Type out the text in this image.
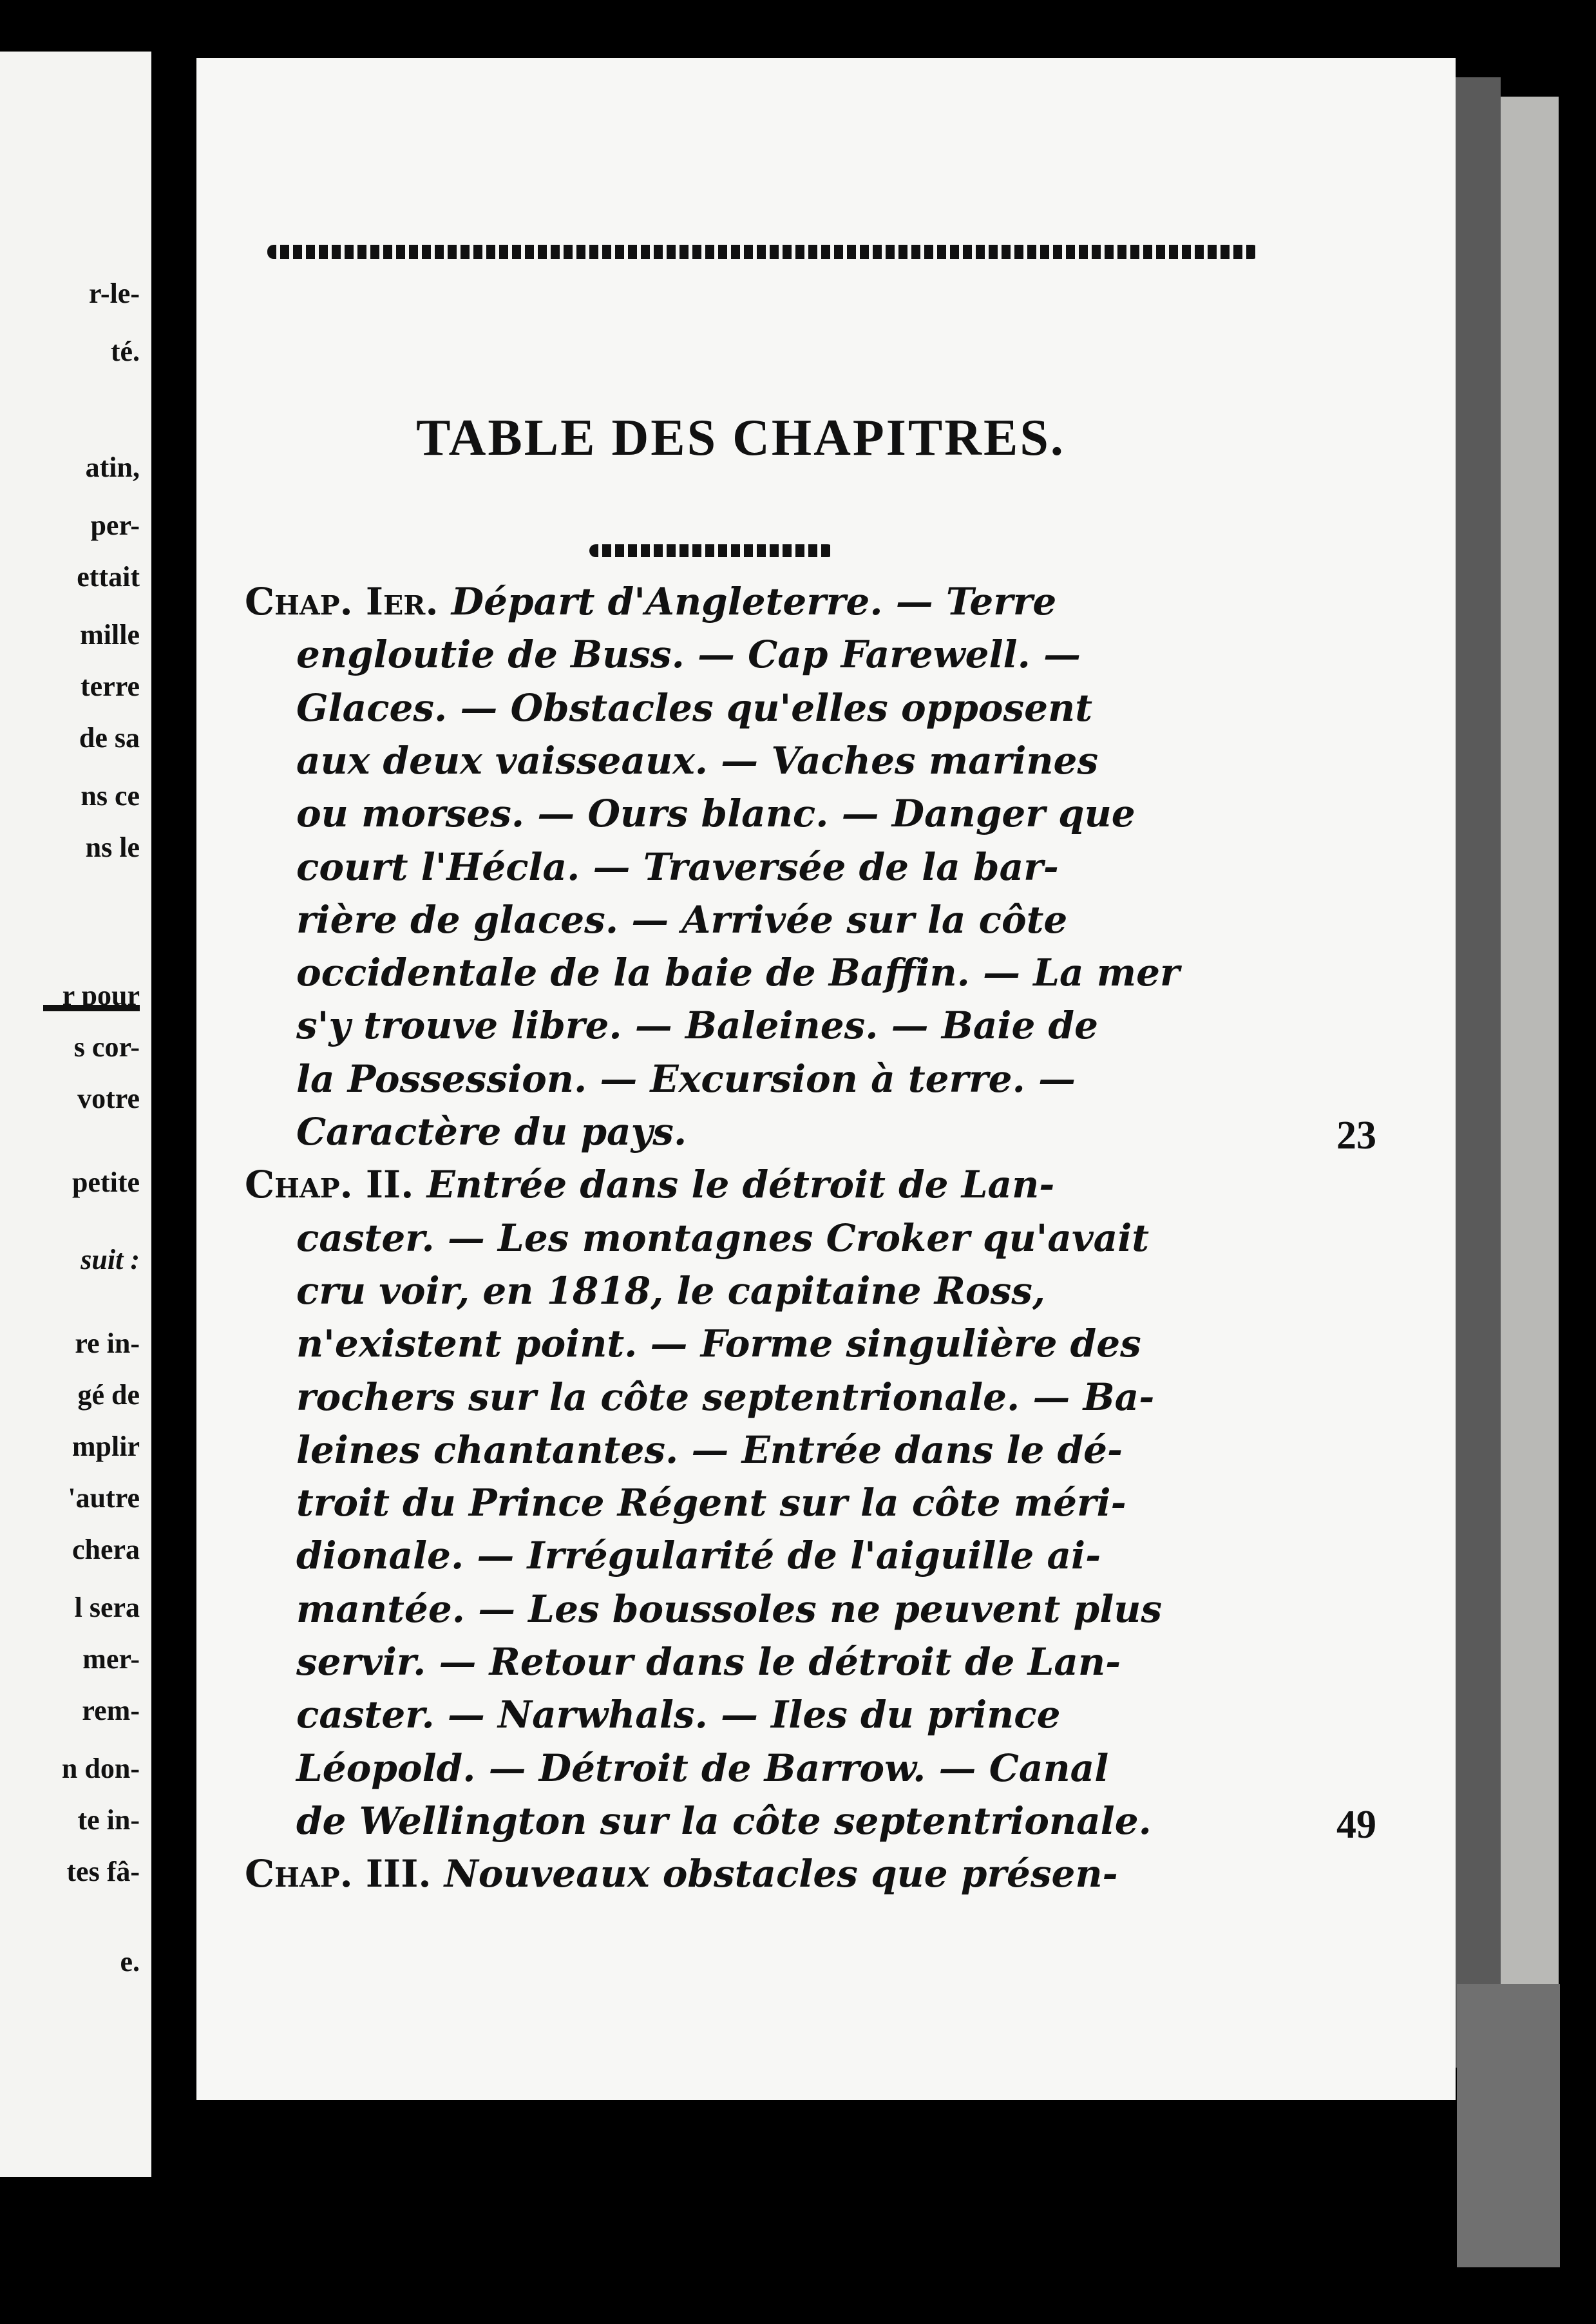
r-le-
té.
atin,
per-
ettait
mille
terre
de sa
ns ce
ns le
r pour
s cor-
votre
petite
suit :
re in-
gé de
mplir
'autre
chera
l sera
mer-
rem-
n don-
te in-
tes fâ-
e.
TABLE DES CHAPITRES.
Chap. Ier. Départ d'Angleterre. — Terre
engloutie de Buss. — Cap Farewell. —
Glaces. — Obstacles qu'elles opposent
aux deux vaisseaux. — Vaches marines
ou morses. — Ours blanc. — Danger que
court l'Hécla. — Traversée de la bar-
rière de glaces. — Arrivée sur la côte
occidentale de la baie de Baffin. — La mer
s'y trouve libre. — Baleines. — Baie de
la Possession. — Excursion à terre. —
Caractère du pays.	23
Chap. II. Entrée dans le détroit de Lan-
caster. — Les montagnes Croker qu'avait
cru voir, en 1818, le capitaine Ross,
n'existent point. — Forme singulière des
rochers sur la côte septentrionale. — Ba-
leines chantantes. — Entrée dans le dé-
troit du Prince Régent sur la côte méri-
dionale. — Irrégularité de l'aiguille ai-
mantée. — Les boussoles ne peuvent plus
servir. — Retour dans le détroit de Lan-
caster. — Narwhals. — Iles du prince
Léopold. — Détroit de Barrow. — Canal
de Wellington sur la côte septentrionale.	49
Chap. III. Nouveaux obstacles que présen-
